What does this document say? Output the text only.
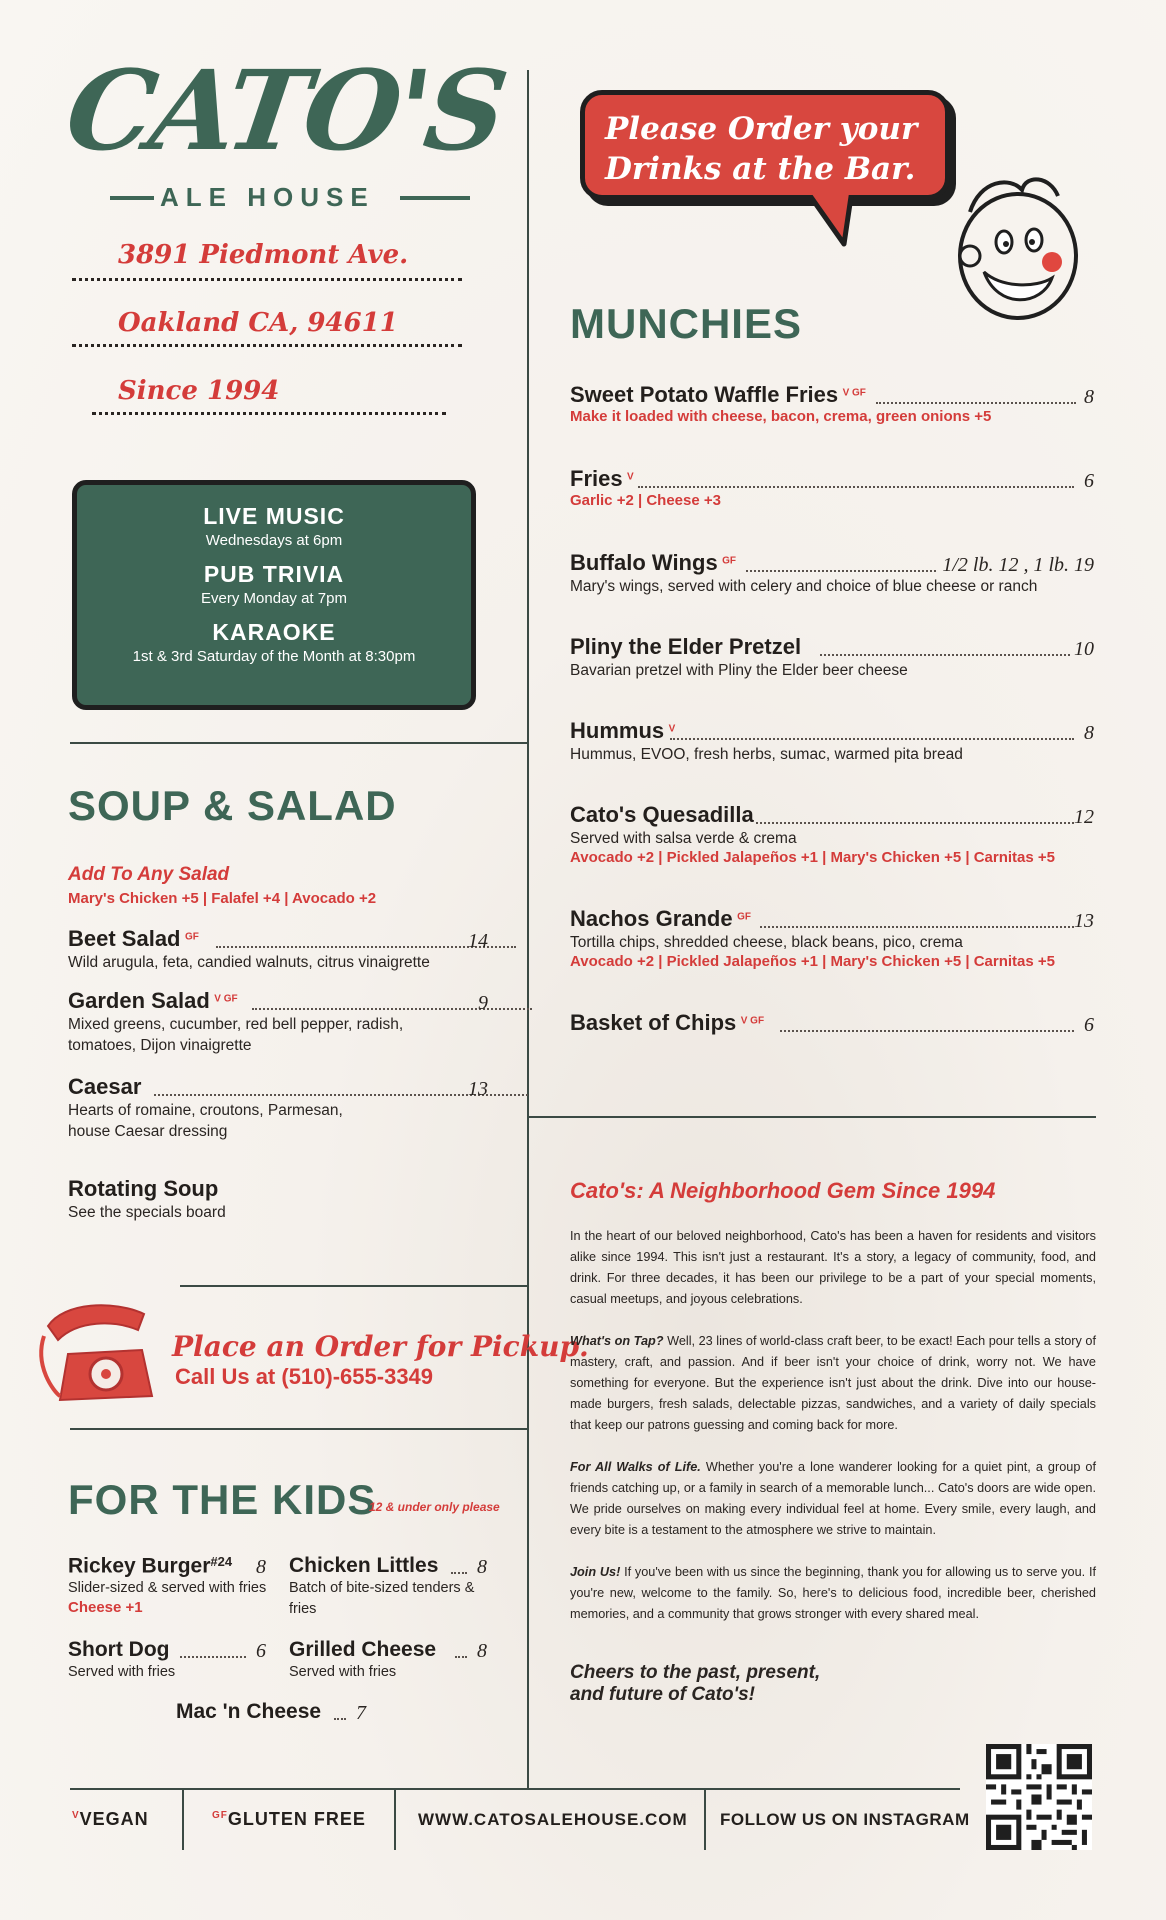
CATO'S
ALE HOUSE
3891 Piedmont Ave.
Oakland CA, 94611
Since 1994
LIVE MUSIC
Wednesdays at 6pm
PUB TRIVIA
Every Monday at 7pm
KARAOKE
1st & 3rd Saturday of the Month at 8:30pm
SOUP & SALAD
Add To Any Salad
Mary's Chicken +5 | Falafel +4 | Avocado +2
Beet Salad $^{GF}$	14
Wild arugula, feta, candied walnuts, citrus vinaigrette
Garden Salad $^{V GF}$	9
Mixed greens, cucumber, red bell pepper, radish, tomatoes, Dijon vinaigrette
Caesar	13
Hearts of romaine, croutons, Parmesan, house Caesar dressing
Rotating Soup
See the specials board
Place an Order for Pickup.
Call Us at (510)-655-3349
FOR THE KIDS
12 & under only please
Rickey Burger$^{\#24}$ 8
Slider-sized & served with fries
Cheese +1
Chicken Littles 8
Batch of bite-sized tenders & fries
Short Dog	6
Served with fries
Grilled Cheese 8
Served with fries
Mac 'n Cheese 7
Please Order your
Drinks at the Bar.
MUNCHIES
Sweet Potato Waffle Fries $^{V GF}$	8
Make it loaded with cheese, bacon, crema, green onions +5
Fries $^V$	6
Garlic +2 | Cheese +3
Buffalo Wings $^{GF}$	1/2 lb. 12 , 1 lb. 19
Mary's wings, served with celery and choice of blue cheese or ranch
Pliny the Elder Pretzel	10
Bavarian pretzel with Pliny the Elder beer cheese
Hummus $^V$	8
Hummus, EVOO, fresh herbs, sumac, warmed pita bread
Cato's Quesadilla	12
Served with salsa verde & crema
Avocado +2 | Pickled Jalapeños +1 | Mary's Chicken +5 | Carnitas +5
Nachos Grande $^{GF}$	13
Tortilla chips, shredded cheese, black beans, pico, crema
Avocado +2 | Pickled Jalapeños +1 | Mary's Chicken +5 | Carnitas +5
Basket of Chips $^{V GF}$	6
Cato's: A Neighborhood Gem Since 1994

In the heart of our beloved neighborhood, Cato's has been a haven for residents and visitors alike since 1994. This isn't just a restaurant. It's a story, a legacy of community, food, and drink. For three decades, it has been our privilege to be a part of your special moments, casual meetups, and joyous celebrations.

What's on Tap? Well, 23 lines of world-class craft beer, to be exact! Each pour tells a story of mastery, craft, and passion. And if beer isn't your choice of drink, worry not. We have something for everyone. But the experience isn't just about the drink. Dive into our house-made burgers, fresh salads, delectable pizzas, sandwiches, and a variety of daily specials that keep our patrons guessing and coming back for more.

For All Walks of Life. Whether you're a lone wanderer looking for a quiet pint, a group of friends catching up, or a family in search of a memorable lunch... Cato's doors are wide open. We pride ourselves on making every individual feel at home. Every smile, every laugh, and every bite is a testament to the atmosphere we strive to maintain.

Join Us! If you've been with us since the beginning, thank you for allowing us to serve you. If you're new, welcome to the family. So, here's to delicious food, incredible beer, cherished memories, and a community that grows stronger with every shared meal.

Cheers to the past, present,
and future of Cato's!
$^V$VEGAN	$^{GF}$GLUTEN FREE	WWW.CATOSALEHOUSE.COM FOLLOW US ON INSTAGRAM
